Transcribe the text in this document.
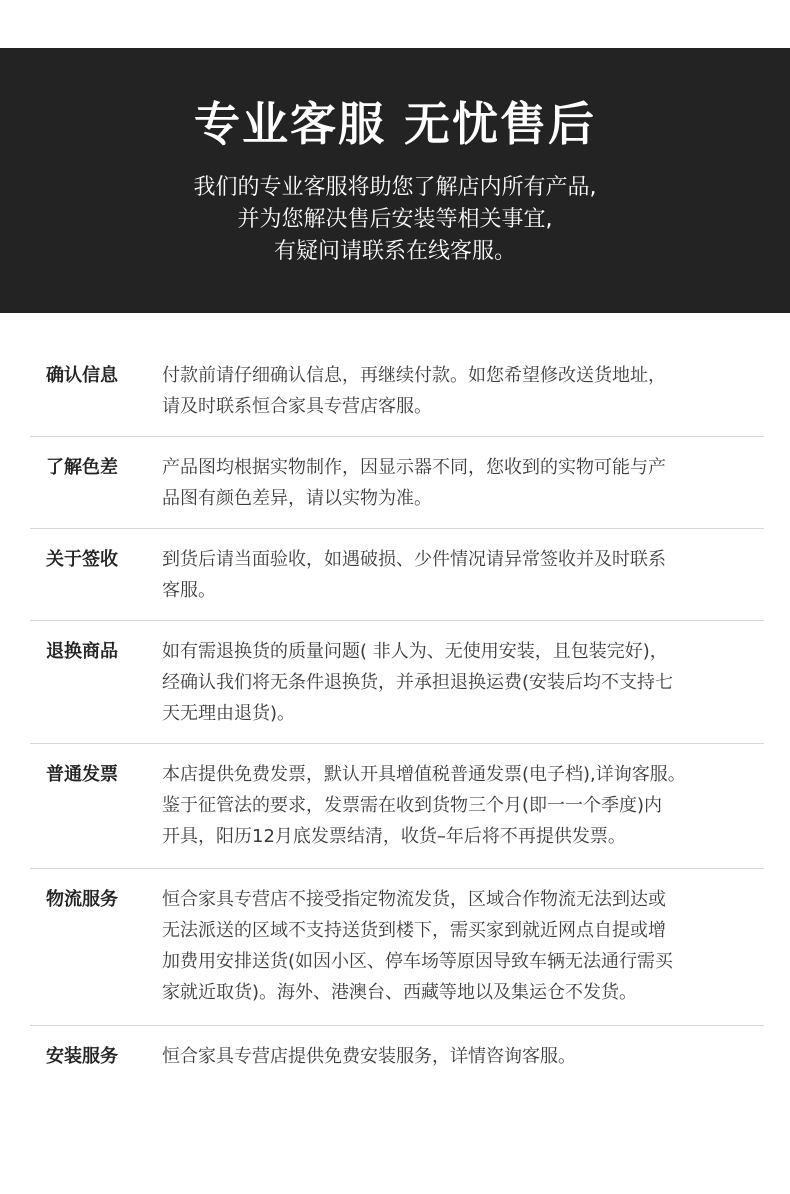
专业客服 无忧售后
我们的专业客服将助您了解店内所有产品,
并为您解决售后安装等相关事宜,
有疑问请联系在线客服。
确认信息	付款前请仔细确认信息，再继续付款。如您希望修改送货地址，
请及时联系恒合家具专营店客服。
了解色差	产品图均根据实物制作，因显示器不同，您收到的实物可能与产
品图有颜色差异，请以实物为准。
关于签收	到货后请当面验收，如遇破损、少件情况请异常签收并及时联系
客服。
退换商品	如有需退换货的质量问题( 非人为、无使用安装，且包装完好)，
经确认我们将无条件退换货，并承担退换运费(安装后均不支持七
天无理由退货)。
普通发票	本店提供免费发票，默认开具增值税普通发票(电子档),详询客服。
鉴于征管法的要求，发票需在收到货物三个月(即一一个季度)内
开具，阳历12月底发票结清，收货–年后将不再提供发票。
物流服务	恒合家具专营店不接受指定物流发货，区域合作物流无法到达或
无法派送的区域不支持送货到楼下，需买家到就近网点自提或增
加费用安排送货(如因小区、停车场等原因导致车辆无法通行需买
家就近取货)。海外、港澳台、西藏等地以及集运仓不发货。
安装服务	恒合家具专营店提供免费安装服务，详情咨询客服。
